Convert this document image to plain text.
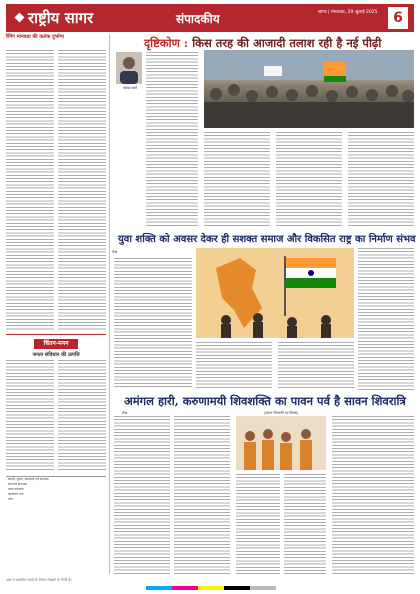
राष्ट्रीय सागर	संपादकीय	सागर | मंगलवार, 29 जुलाई 2025	6
रैगिंग मानवता की कलंक दुर्भाग्य
चिंतन-मनन
जनता संविधान की उत्पत्ति
स्वामी, मुद्रक, प्रकाशक एवं संपादक
समाचार संपादक
प्रबंध संपादक
कार्यालय पता
फोन
दृष्टिकोण : किस तरह की आजादी तलाश रही है नई पीढ़ी
पंकज शर्मा
युवा शक्ति को अवसर देकर ही सशक्त समाज और विकसित राष्ट्र का निर्माण संभव
लेख
अमंगल हारी, करुणामयी शिवशक्ति का पावन पर्व है सावन शिवरात्रि
लेख	(सावन शिवरात्रि पर विशेष)
अंक में प्रकाशित लेखों के विचार लेखकों के निजी हैं।
